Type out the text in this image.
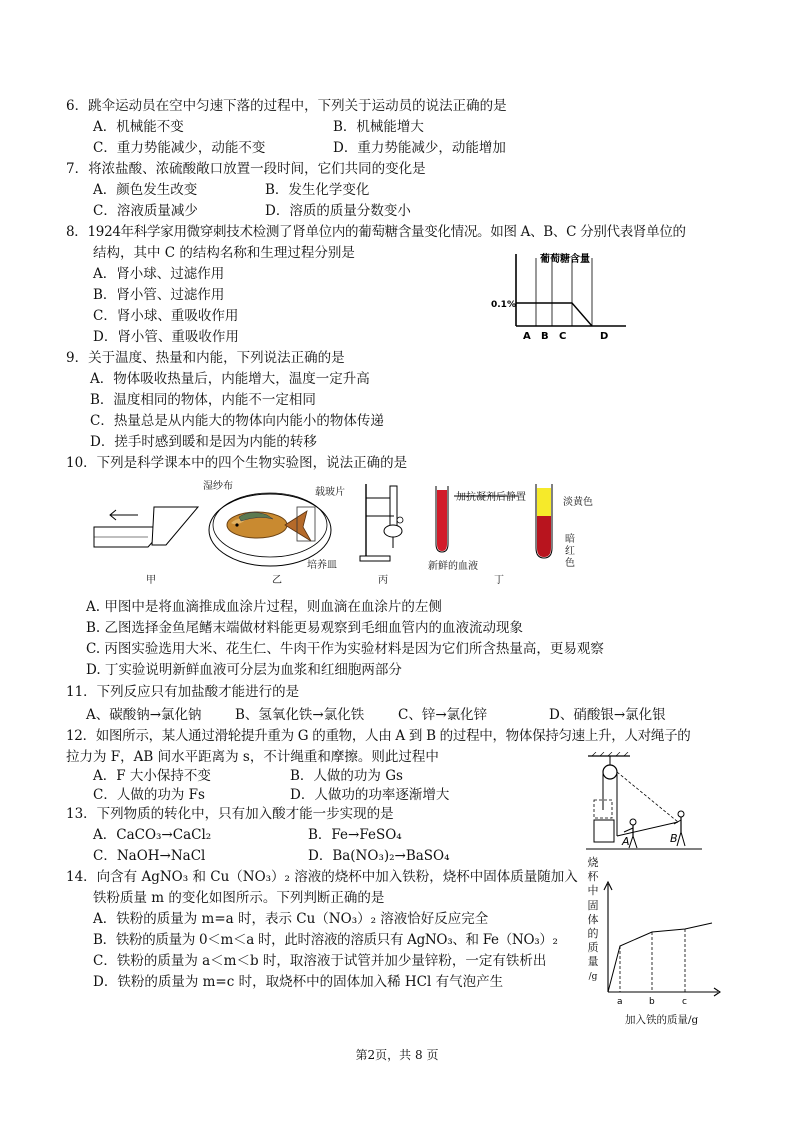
6．跳伞运动员在空中匀速下落的过程中，下列关于运动员的说法正确的是
A．机械能不变	B．机械能增大
C．重力势能减少，动能不变	D．重力势能减少，动能增加
7．将浓盐酸、浓硫酸敞口放置一段时间，它们共同的变化是
A．颜色发生改变	B．发生化学变化
C．溶液质量减少	D．溶质的质量分数变小
8．1924年科学家用微穿刺技术检测了肾单位内的葡萄糖含量变化情况。如图 A、B、C 分别代表肾单位的
结构，其中 C 的结构名称和生理过程分别是
A．肾小球、过滤作用
B．肾小管、过滤作用
C．肾小球、重吸收作用
D．肾小管、重吸收作用
葡萄糖含量
0.1%
A B C	D
9．关于温度、热量和内能，下列说法正确的是
A．物体吸收热量后，内能增大，温度一定升高
B．温度相同的物体，内能不一定相同
C．热量总是从内能大的物体向内能小的物体传递
D．搓手时感到暖和是因为内能的转移
10．下列是科学课本中的四个生物实验图，说法正确的是
甲
湿纱布
载玻片
培养皿
乙	丙
加抗凝剂后静置
新鲜的血液
淡黄色
暗
红
色
丁
A. 甲图中是将血滴推成血涂片过程，则血滴在血涂片的左侧
B. 乙图选择金鱼尾鳍末端做材料能更易观察到毛细血管内的血液流动现象
C. 丙图实验选用大米、花生仁、牛肉干作为实验材料是因为它们所含热量高，更易观察
D. 丁实验说明新鲜血液可分层为血浆和红细胞两部分
11．下列反应只有加盐酸才能进行的是
A、碳酸钠→氯化钠 B、氢氧化铁→氯化铁	C、锌→氯化锌	D、硝酸银→氯化银
12．如图所示，某人通过滑轮提升重为 G 的重物，人由 A 到 B 的过程中，物体保持匀速上升，人对绳子的
拉力为 F，AB 间水平距离为 s，不计绳重和摩擦。则此过程中
A．F 大小保持不变	B．人做的功为 Gs
C．人做的功为 Fs	D．人做功的功率逐渐增大
A	B
13．下列物质的转化中，只有加入酸才能一步实现的是
A．CaCO₃→CaCl₂	B．Fe→FeSO₄
C．NaOH→NaCl	D．Ba(NO₃)₂→BaSO₄
14．向含有 AgNO₃ 和 Cu（NO₃）₂ 溶液的烧杯中加入铁粉，烧杯中固体质量随加入
铁粉质量 m 的变化如图所示。下列判断正确的是
A．铁粉的质量为 m=a 时，表示 Cu（NO₃）₂ 溶液恰好反应完全
B．铁粉的质量为 0＜m＜a 时，此时溶液的溶质只有 AgNO₃、和 Fe（NO₃）₂
C．铁粉的质量为 a＜m＜b 时，取溶液于试管并加少量锌粉，一定有铁析出
D．铁粉的质量为 m=c 时，取烧杯中的固体加入稀 HCl 有气泡产生
烧
杯
中
固
体
的
质
量
/g
a	b	c
加入铁的质量/g
第2页，共 8 页
